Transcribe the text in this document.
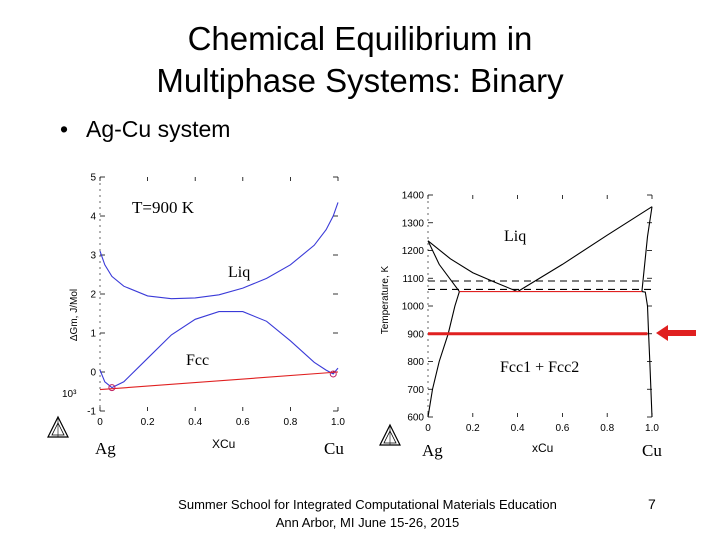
Chemical Equilibrium in
Multiphase Systems: Binary
• Ag-Cu system
0	0.2	0.4	0.6	0.8	1.0
-1
0
1
2
3
4
5
T=900 K
Liq
Fcc
10³
ΔGm, J/Mol
XCu
Ag	Cu
0	0.2	0.4	0.6	0.8	1.0
600
700
800
900
1000
1100
1200
1300
1400
Liq
Fcc1 + Fcc2
Temperature, K
xCu
Ag	Cu
Summer School for Integrated Computational Materials Education
Ann Arbor, MI June 15-26, 2015
7
